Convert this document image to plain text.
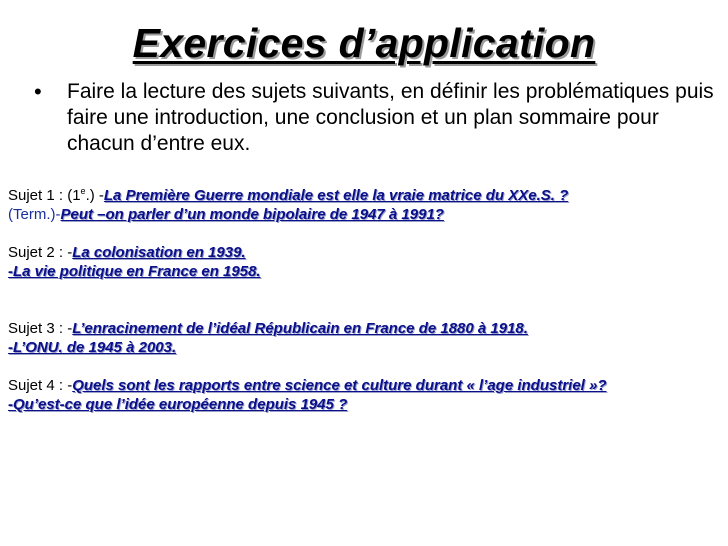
Exercices d’application
• Faire la lecture des sujets suivants, en définir les problématiques puis faire une introduction, une conclusion et un plan sommaire pour chacun d’entre eux.
Sujet 1 : (1e.) -La Première Guerre mondiale est elle la vraie matrice du XXe.S. ?
(Term.)-Peut –on parler d’un monde bipolaire de 1947 à 1991?
Sujet 2 : -La colonisation en 1939.
-La vie politique en France en 1958.
Sujet 3 : -L’enracinement de l’idéal Républicain en France de 1880 à 1918.
-L’ONU. de 1945 à 2003.
Sujet 4 : -Quels sont les rapports entre science et culture durant « l’age industriel »?
-Qu’est-ce que l’idée européenne depuis 1945 ?
